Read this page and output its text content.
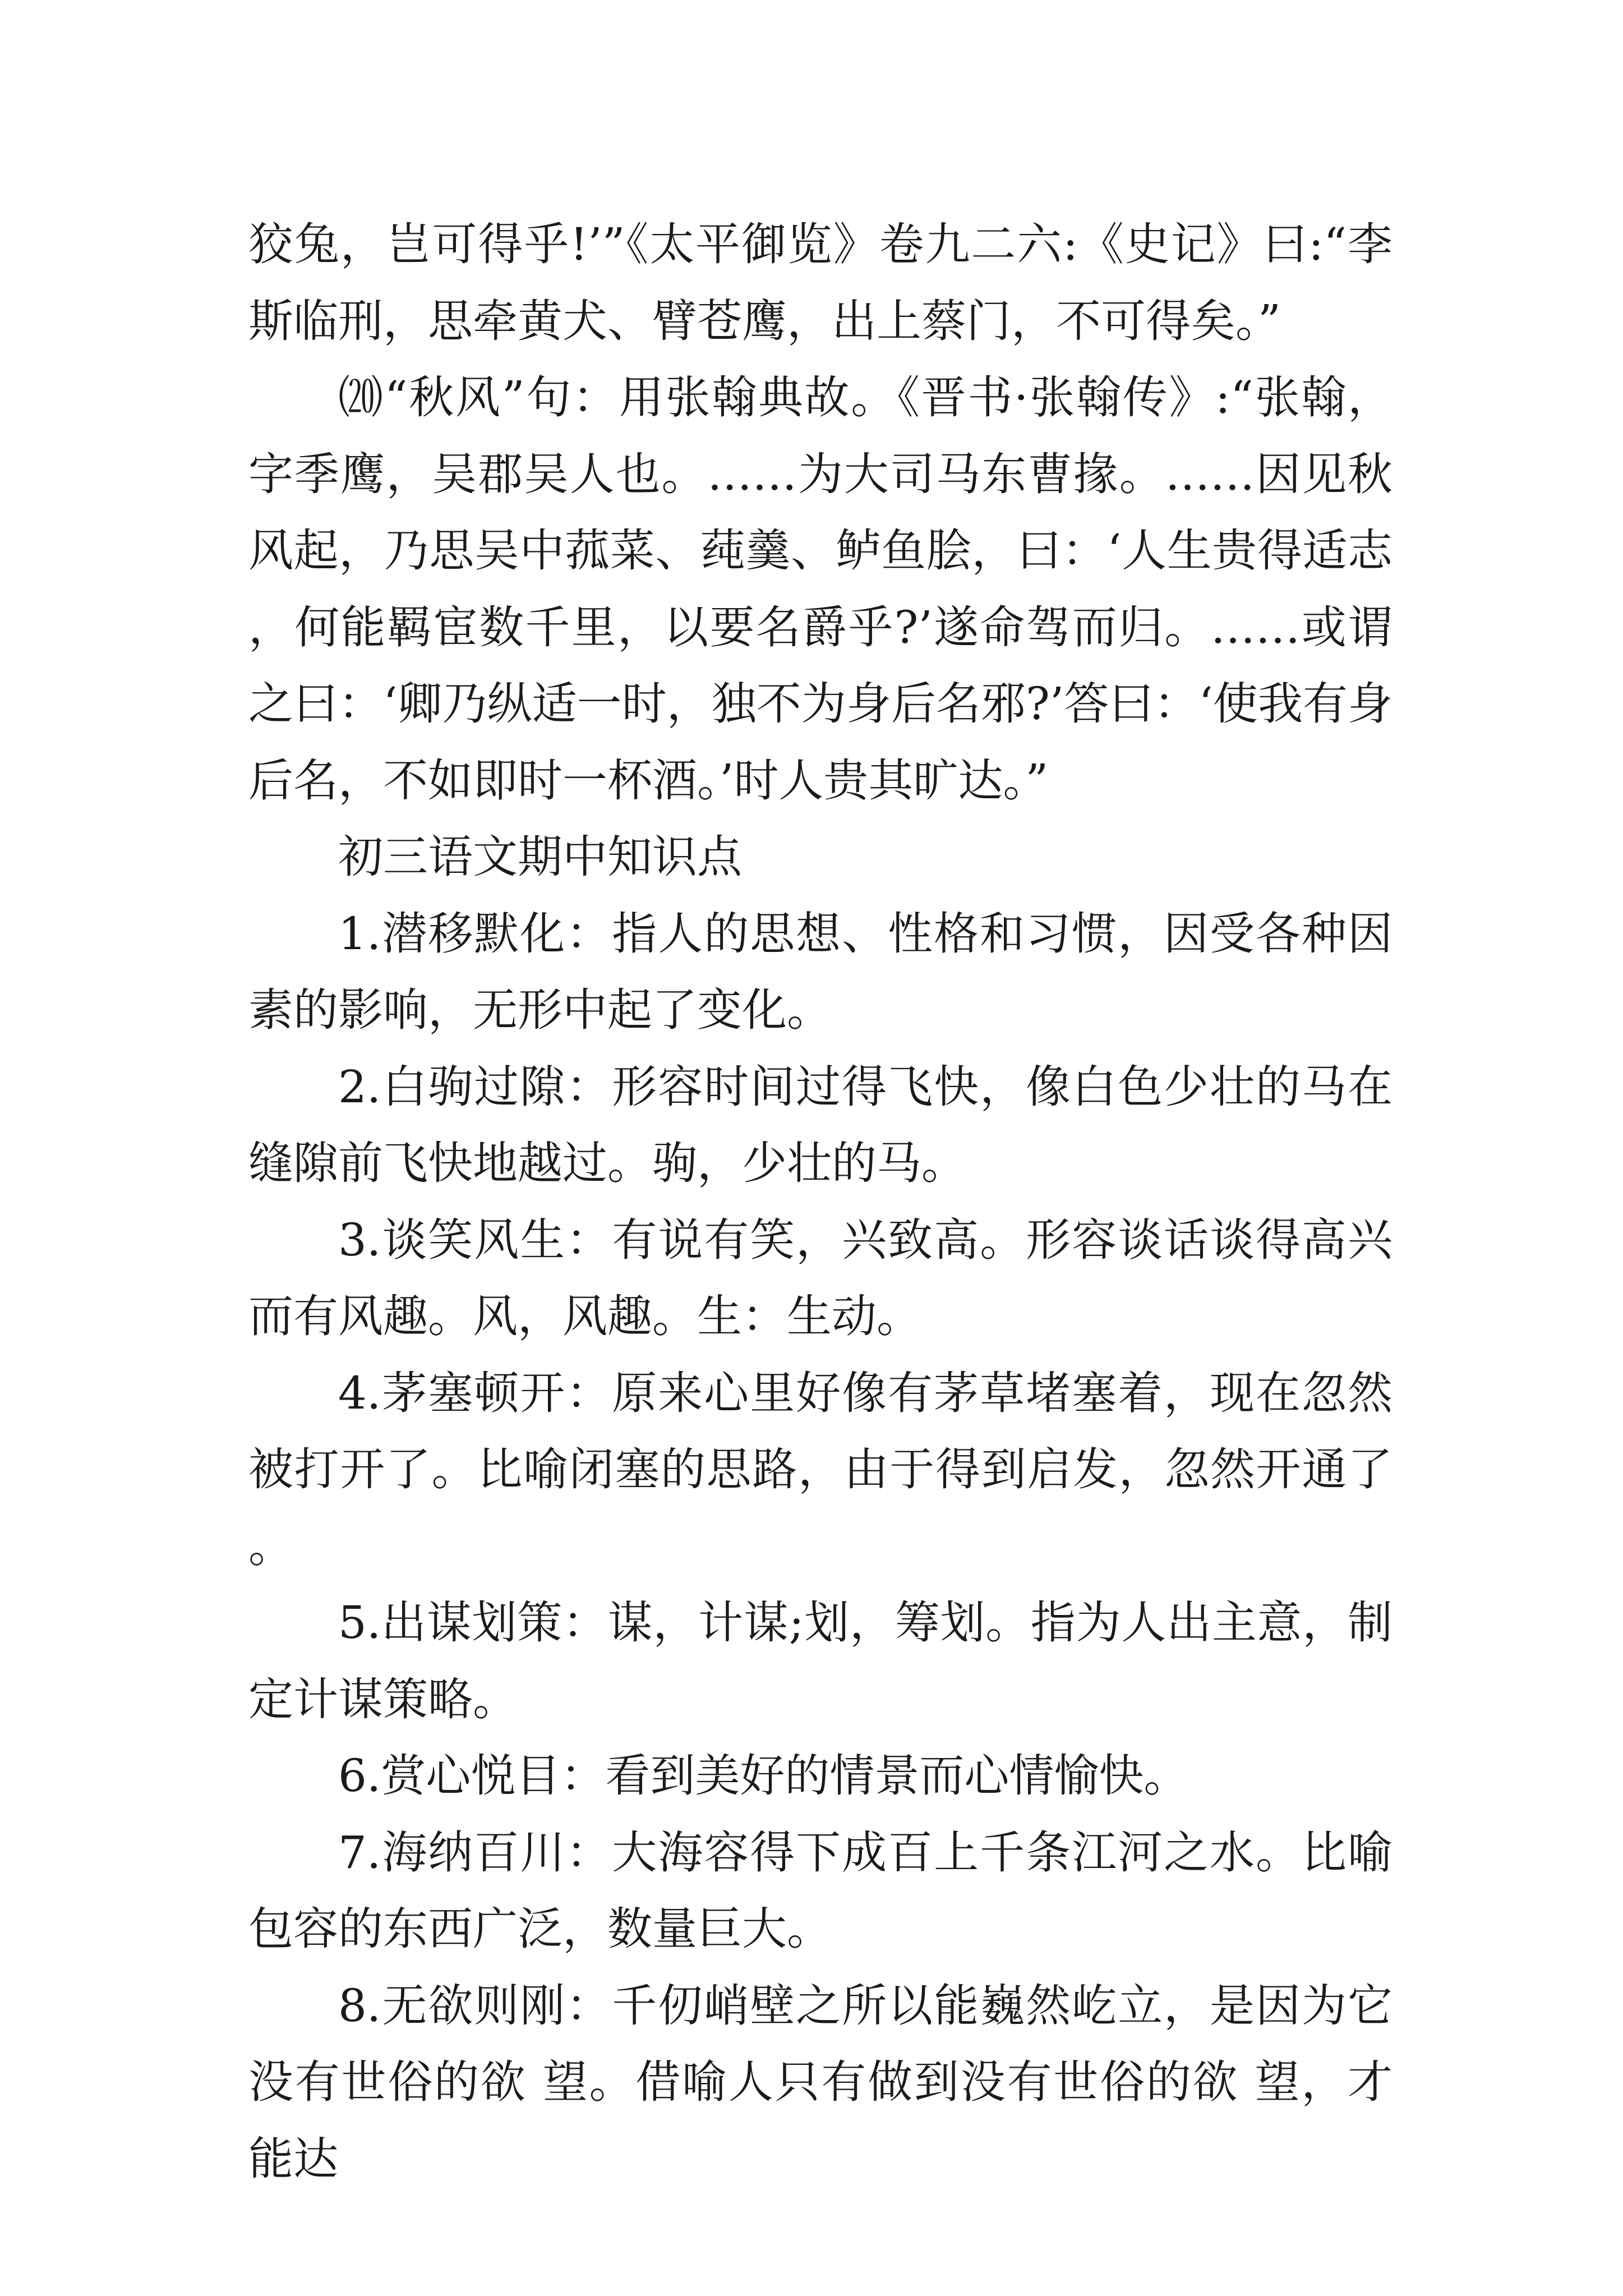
狡兔，岂可得乎!’”《太平御览》卷九二六:《史记》曰:“李斯临刑，思牵黄犬、臂苍鹰，出上蔡门，不可得矣。”

⒇“秋风”句：用张翰典故。《晋书·张翰传》:“张翰，字季鹰，吴郡吴人也。……为大司马东曹掾。……因见秋风起，乃思吴中菰菜、莼羹、鲈鱼脍，曰：‘人生贵得适志，何能羁宦数千里，以要名爵乎?’遂命驾而归。……或谓之曰：‘卿乃纵适一时，独不为身后名邪?’答曰：‘使我有身后名，不如即时一杯酒。’时人贵其旷达。”

初三语文期中知识点

1.潜移默化：指人的思想、性格和习惯，因受各种因素的影响，无形中起了变化。

2.白驹过隙：形容时间过得飞快，像白色少壮的马在缝隙前飞快地越过。驹，少壮的马。

3.谈笑风生：有说有笑，兴致高。形容谈话谈得高兴而有风趣。风，风趣。生：生动。

4.茅塞顿开：原来心里好像有茅草堵塞着，现在忽然被打开了。比喻闭塞的思路，由于得到启发，忽然开通了。

5.出谋划策：谋，计谋;划，筹划。指为人出主意，制定计谋策略。

6.赏心悦目：看到美好的情景而心情愉快。

7.海纳百川：大海容得下成百上千条江河之水。比喻包容的东西广泛，数量巨大。

8.无欲则刚：千仞峭壁之所以能巍然屹立，是因为它没有世俗的欲 望。借喻人只有做到没有世俗的欲 望，才能达
